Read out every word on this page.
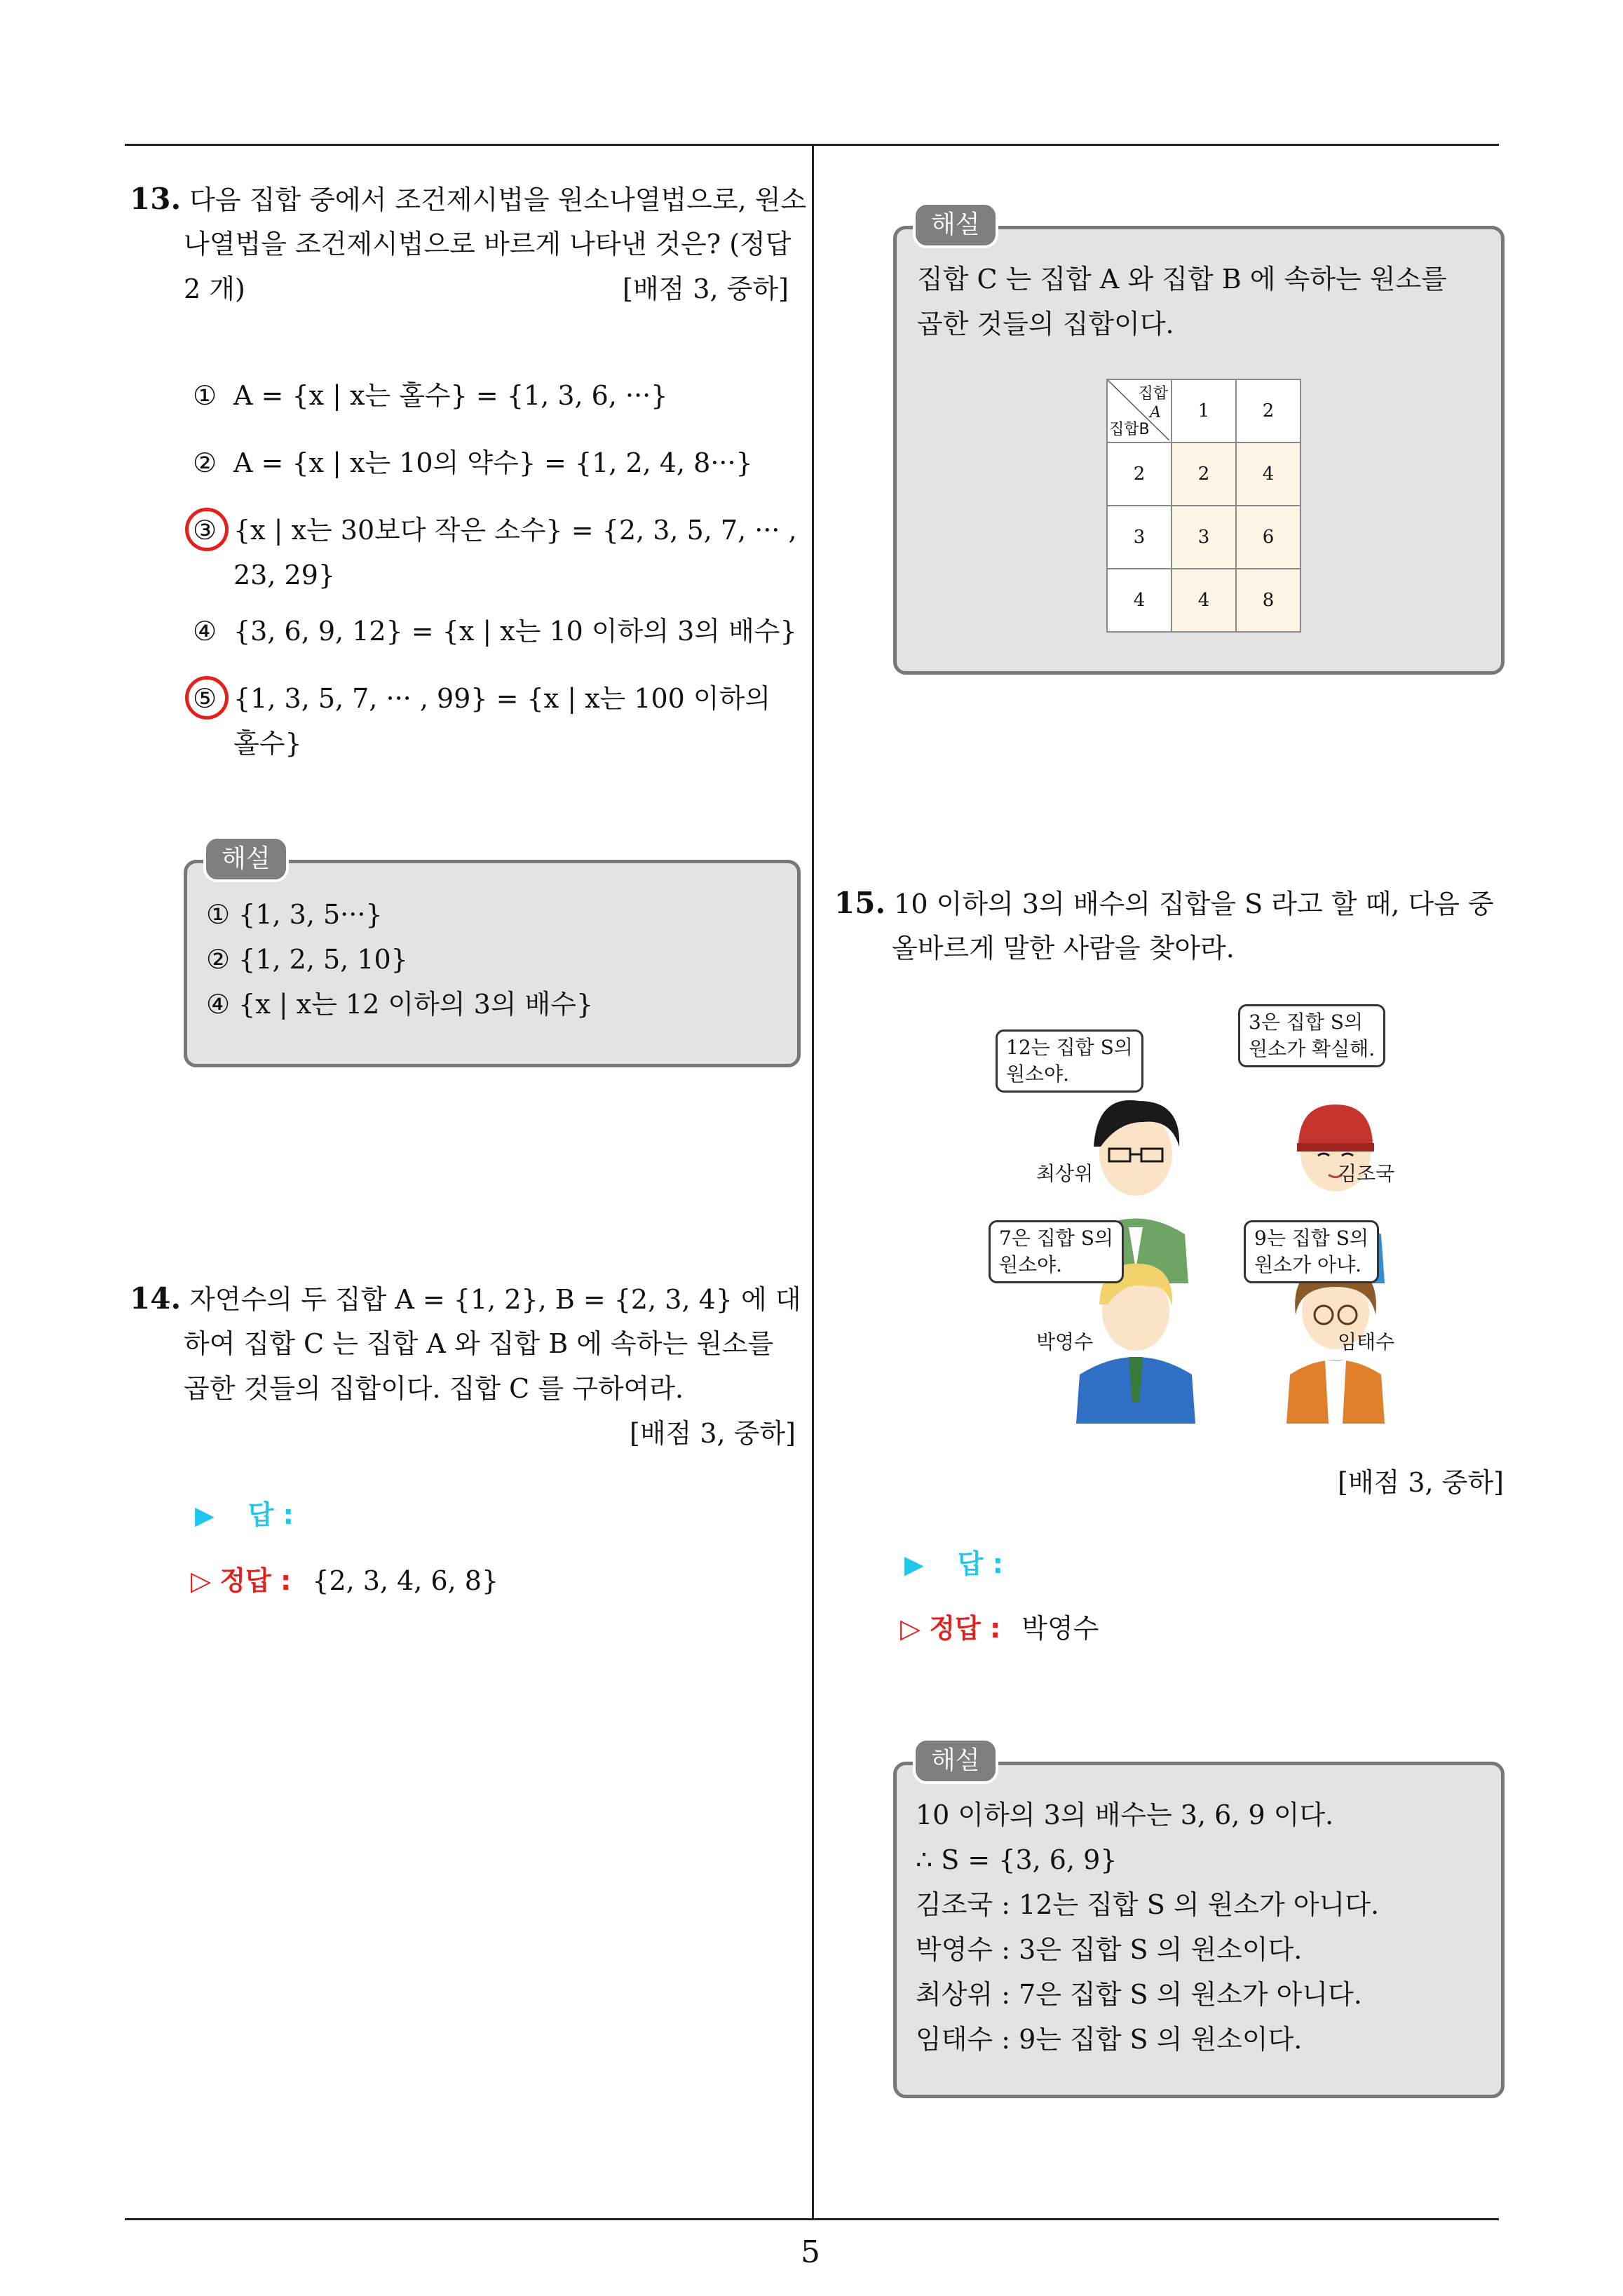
13. 다음 집합 중에서 조건제시법을 원소나열법으로, 원소
나열법을 조건제시법으로 바르게 나타낸 것은? (정답
2 개)	[배점 3, 중하]
① A = {x | x는 홀수} = {1, 3, 6, ···}
② A = {x | x는 10의 약수} = {1, 2, 4, 8···}
③ {x | x는 30보다 작은 소수} = {2, 3, 5, 7, ··· ,
23, 29}
④ {3, 6, 9, 12} = {x | x는 10 이하의 3의 배수}
⑤ {1, 3, 5, 7, ··· , 99} = {x | x는 100 이하의
홀수}
해설
① {1, 3, 5···}
② {1, 2, 5, 10}
④ {x | x는 12 이하의 3의 배수}
14. 자연수의 두 집합 A = {1, 2}, B = {2, 3, 4} 에 대
하여 집합 C 는 집합 A 와 집합 B 에 속하는 원소를
곱한 것들의 집합이다. 집합 C 를 구하여라.
[배점 3, 중하]
▶ 답 :
▷ 정답 : {2, 3, 4, 6, 8}
해설
집합 C 는 집합 A 와 집합 B 에 속하는 원소를
곱한 것들의 집합이다.
집합
A
집합B	1	2
2	2	4
3	3	6
4	4	8
15. 10 이하의 3의 배수의 집합을 S 라고 할 때, 다음 중
올바르게 말한 사람을 찾아라.
12는 집합 S의
원소야.
3은 집합 S의
원소가 확실해.
7은 집합 S의
원소야.
9는 집합 S의
원소가 아냐.
최상위	김조국
박영수	임태수
[배점 3, 중하]
▶ 답 :
▷ 정답 : 박영수
해설
10 이하의 3의 배수는 3, 6, 9 이다.
∴ S = {3, 6, 9}
김조국 : 12는 집합 S 의 원소가 아니다.
박영수 : 3은 집합 S 의 원소이다.
최상위 : 7은 집합 S 의 원소가 아니다.
임태수 : 9는 집합 S 의 원소이다.
5
